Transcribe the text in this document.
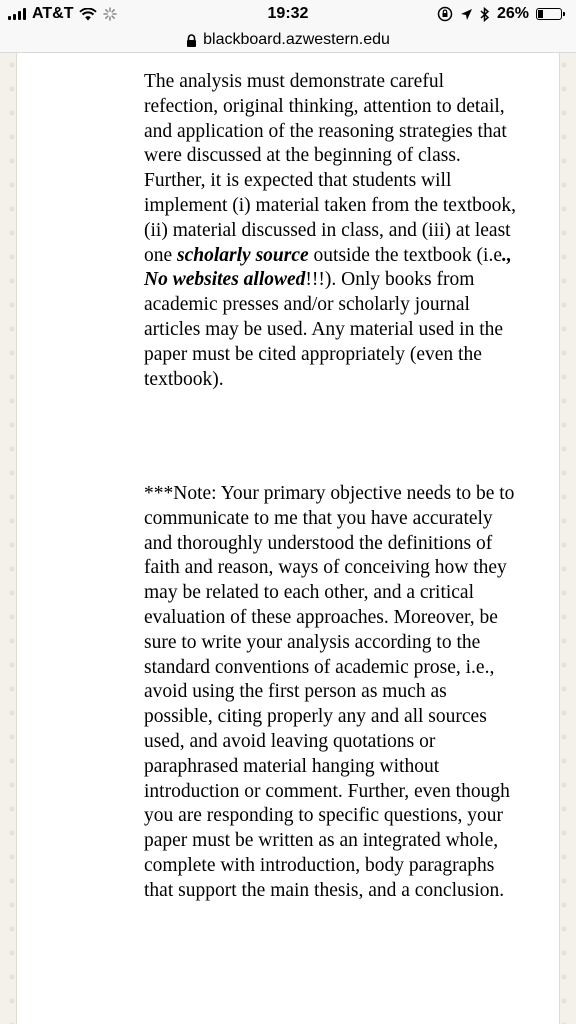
AT&T	19:32	26%
blackboard.azwestern.edu
The analysis must demonstrate careful refection, original thinking, attention to detail, and application of the reasoning strategies that were discussed at the beginning of class. Further, it is expected that students will implement (i) material taken from the textbook, (ii) material discussed in class, and (iii) at least one scholarly source outside the textbook (i.e., No websites allowed!!!). Only books from academic presses and/or scholarly journal articles may be used. Any material used in the paper must be cited appropriately (even the textbook).
***Note: Your primary objective needs to be to communicate to me that you have accurately and thoroughly understood the definitions of faith and reason, ways of conceiving how they may be related to each other, and a critical evaluation of these approaches. Moreover, be sure to write your analysis according to the standard conventions of academic prose, i.e., avoid using the first person as much as possible, citing properly any and all sources used, and avoid leaving quotations or paraphrased material hanging without introduction or comment. Further, even though you are responding to specific questions, your paper must be written as an integrated whole, complete with introduction, body paragraphs that support the main thesis, and a conclusion.
